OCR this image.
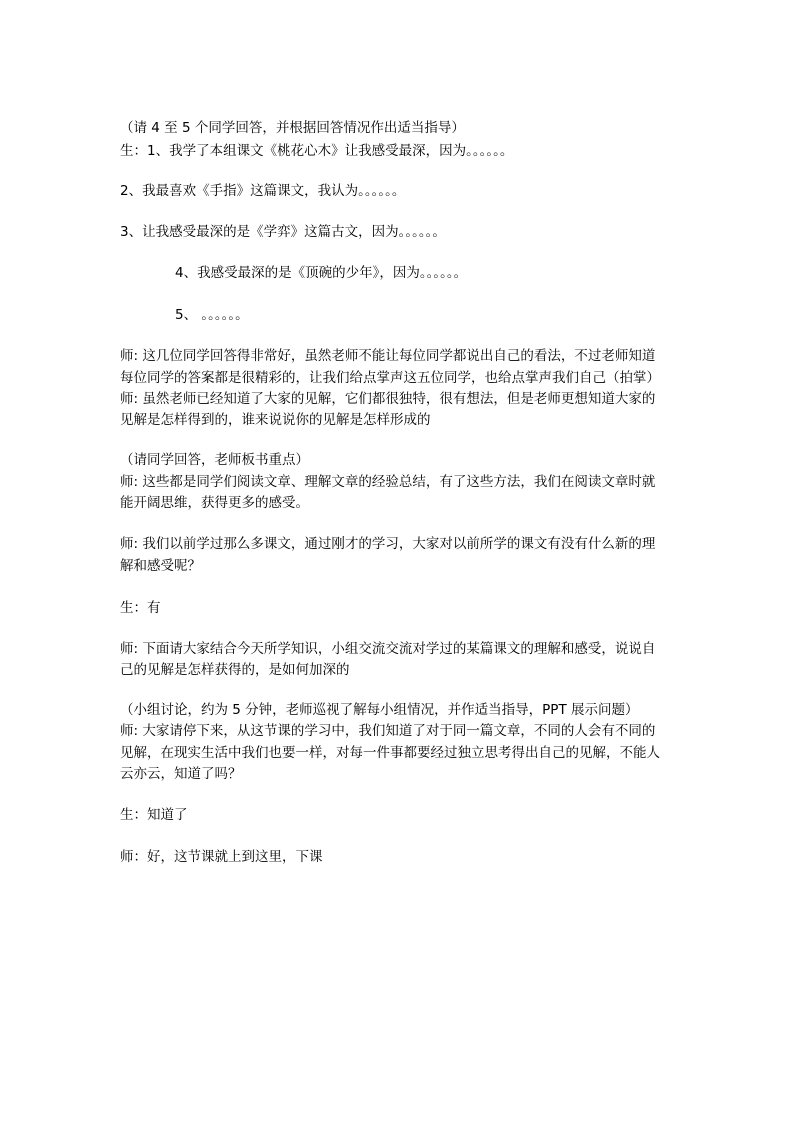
（请 4 至 5 个同学回答，并根据回答情况作出适当指导）
生：1、我学了本组课文《桃花心木》让我感受最深，因为。。。。。。
2、我最喜欢《手指》这篇课文，我认为。。。。。。
3、让我感受最深的是《学弈》这篇古文，因为。。。。。。
4、我感受最深的是《顶碗的少年》，因为。。。。。。
5、 。。。。。。
师: 这几位同学回答得非常好，虽然老师不能让每位同学都说出自己的看法，不过老师知道
每位同学的答案都是很精彩的，让我们给点掌声这五位同学，也给点掌声我们自己（拍掌）
师: 虽然老师已经知道了大家的见解，它们都很独特，很有想法，但是老师更想知道大家的
见解是怎样得到的，谁来说说你的见解是怎样形成的
（请同学回答，老师板书重点）
师: 这些都是同学们阅读文章、理解文章的经验总结，有了这些方法，我们在阅读文章时就
能开阔思维，获得更多的感受。
师: 我们以前学过那么多课文，通过刚才的学习，大家对以前所学的课文有没有什么新的理
解和感受呢？
生：有
师: 下面请大家结合今天所学知识，小组交流交流对学过的某篇课文的理解和感受，说说自
己的见解是怎样获得的，是如何加深的
（小组讨论，约为 5 分钟，老师巡视了解每小组情况，并作适当指导，PPT 展示问题）
师: 大家请停下来，从这节课的学习中，我们知道了对于同一篇文章，不同的人会有不同的
见解，在现实生活中我们也要一样，对每一件事都要经过独立思考得出自己的见解，不能人
云亦云，知道了吗？
生：知道了
师：好，这节课就上到这里，下课
